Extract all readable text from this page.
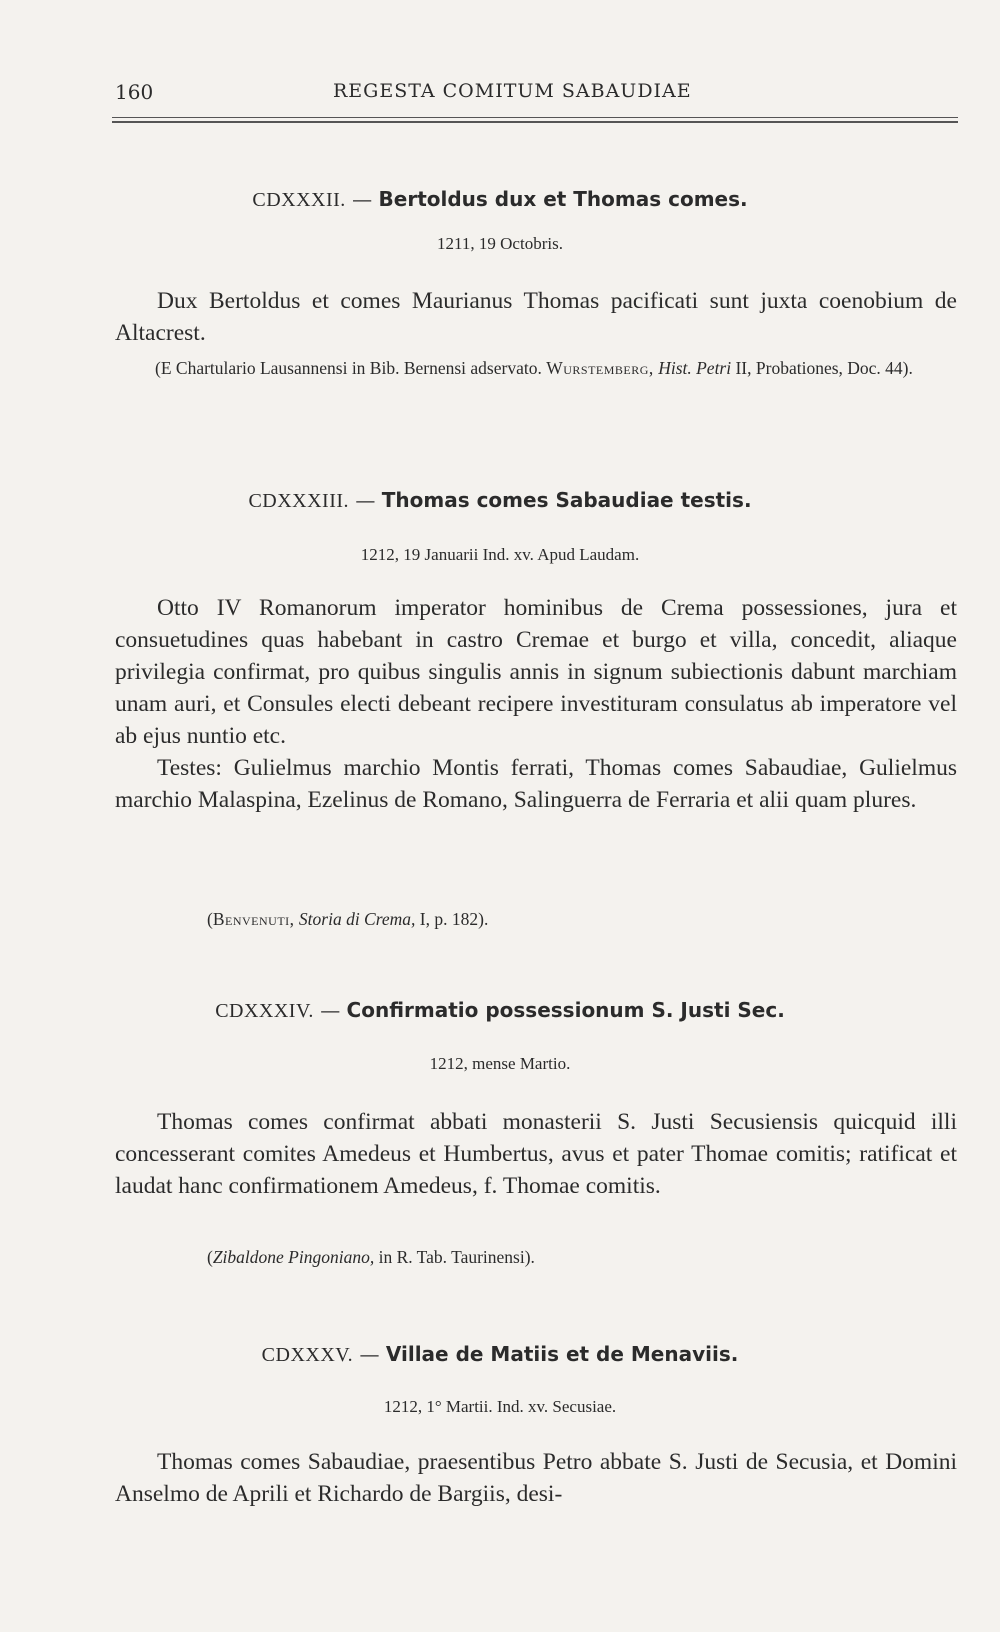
160	REGESTA COMITUM SABAUDIAE
CDXXXII. — Bertoldus dux et Thomas comes.
1211, 19 Octobris.

Dux Bertoldus et comes Maurianus Thomas pacificati sunt juxta coenobium de Altacrest.

(E Chartulario Lausannensi in Bib. Bernensi adservato. Wurstemberg, Hist. Petri II, Probationes, Doc. 44).
CDXXXIII. — Thomas comes Sabaudiae testis.
1212, 19 Januarii Ind. xv. Apud Laudam.

Otto IV Romanorum imperator hominibus de Crema possessiones, jura et consuetudines quas habebant in castro Cremae et burgo et villa, concedit, aliaque privilegia confirmat, pro quibus singulis annis in signum subiectionis dabunt marchiam unam auri, et Consules electi debeant recipere investituram consulatus ab imperatore vel ab ejus nuntio etc.

Testes: Gulielmus marchio Montis ferrati, Thomas comes Sabaudiae, Gulielmus marchio Malaspina, Ezelinus de Romano, Salinguerra de Ferraria et alii quam plures.

(Benvenuti, Storia di Crema, I, p. 182).
CDXXXIV. — Confirmatio possessionum S. Justi Sec.
1212, mense Martio.

Thomas comes confirmat abbati monasterii S. Justi Secusiensis quicquid illi concesserant comites Amedeus et Humbertus, avus et pater Thomae comitis; ratificat et laudat hanc confirmationem Amedeus, f. Thomae comitis.

(Zibaldone Pingoniano, in R. Tab. Taurinensi).
CDXXXV. — Villae de Matiis et de Menaviis.
1212, 1° Martii. Ind. xv. Secusiae.

Thomas comes Sabaudiae, praesentibus Petro abbate S. Justi de Secusia, et Domini Anselmo de Aprili et Richardo de Bargiis, desi-
